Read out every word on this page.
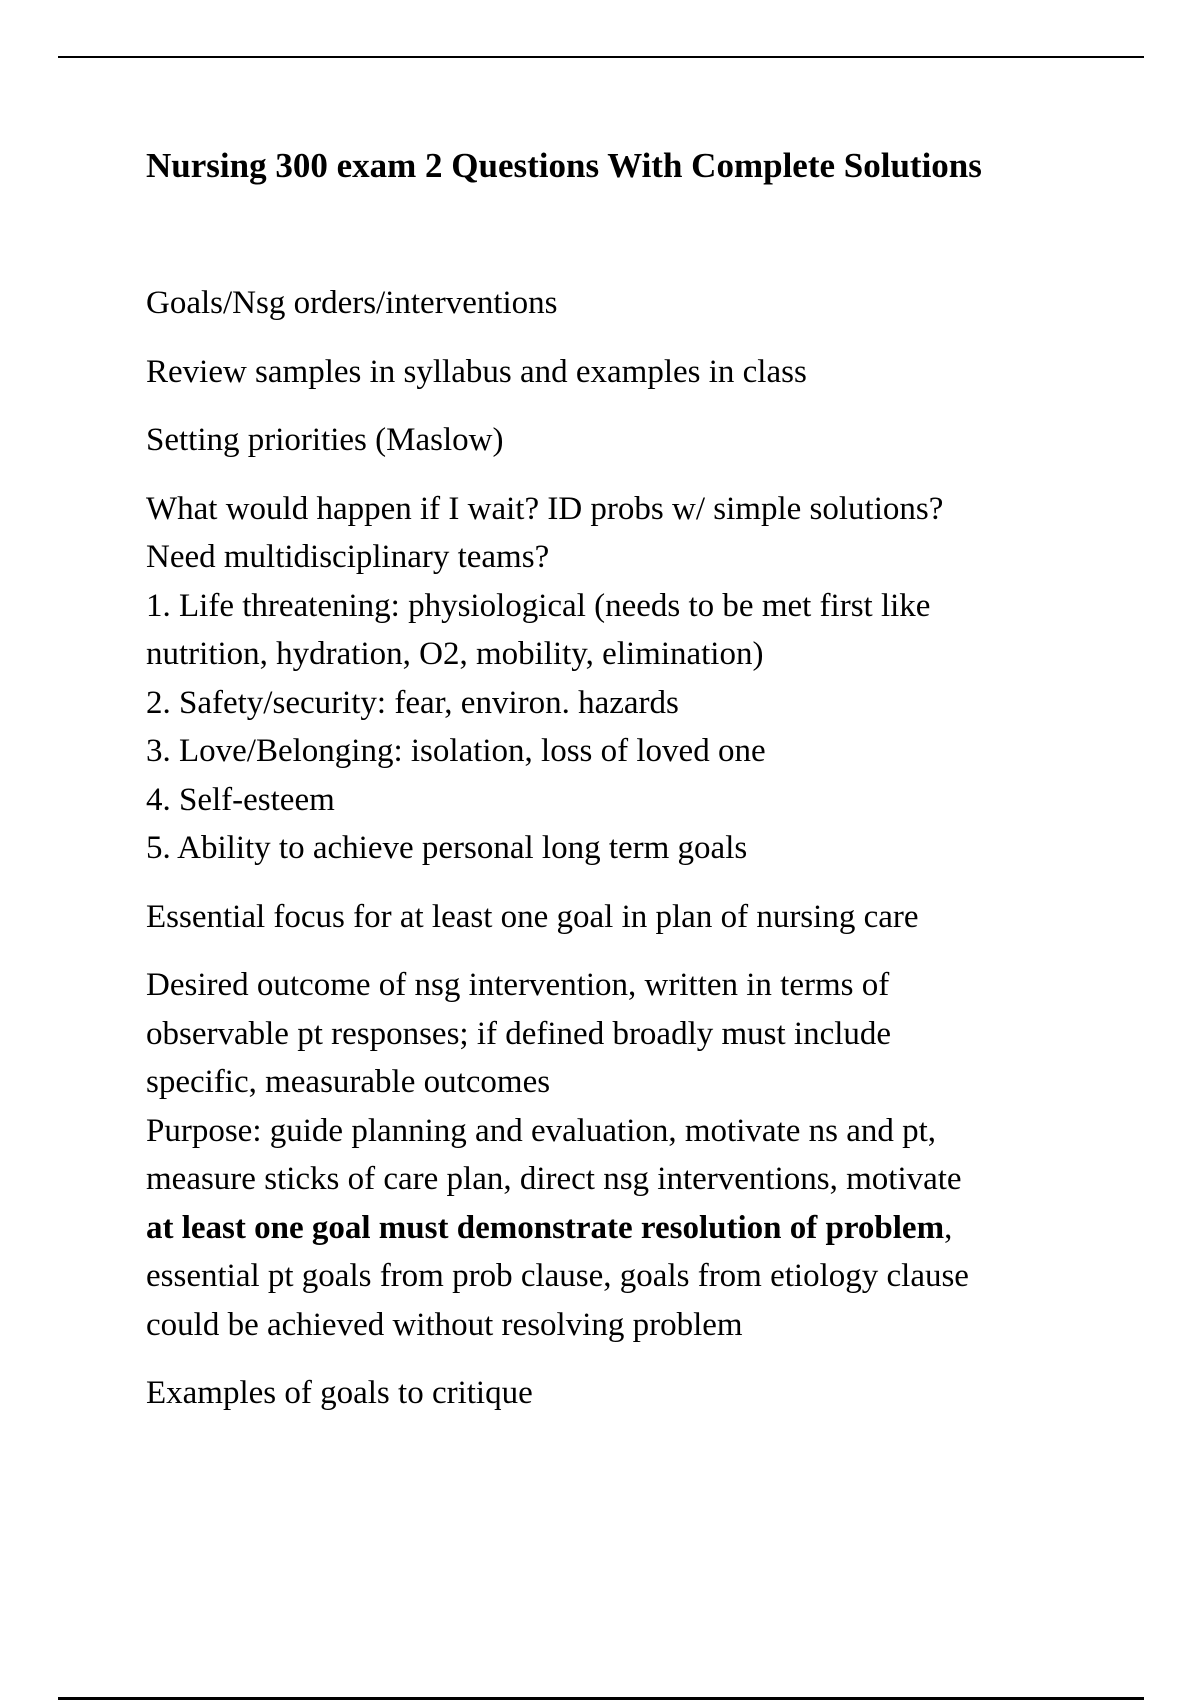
Nursing 300 exam 2 Questions With Complete Solutions

Goals/Nsg orders/interventions

Review samples in syllabus and examples in class

Setting priorities (Maslow)

What would happen if I wait? ID probs w/ simple solutions?

Need multidisciplinary teams?

1. Life threatening: physiological (needs to be met first like

nutrition, hydration, O2, mobility, elimination)

2. Safety/security: fear, environ. hazards

3. Love/Belonging: isolation, loss of loved one

4. Self-esteem

5. Ability to achieve personal long term goals

Essential focus for at least one goal in plan of nursing care

Desired outcome of nsg intervention, written in terms of

observable pt responses; if defined broadly must include

specific, measurable outcomes

Purpose: guide planning and evaluation, motivate ns and pt,

measure sticks of care plan, direct nsg interventions, motivate

at least one goal must demonstrate resolution of problem,

essential pt goals from prob clause, goals from etiology clause

could be achieved without resolving problem

Examples of goals to critique
